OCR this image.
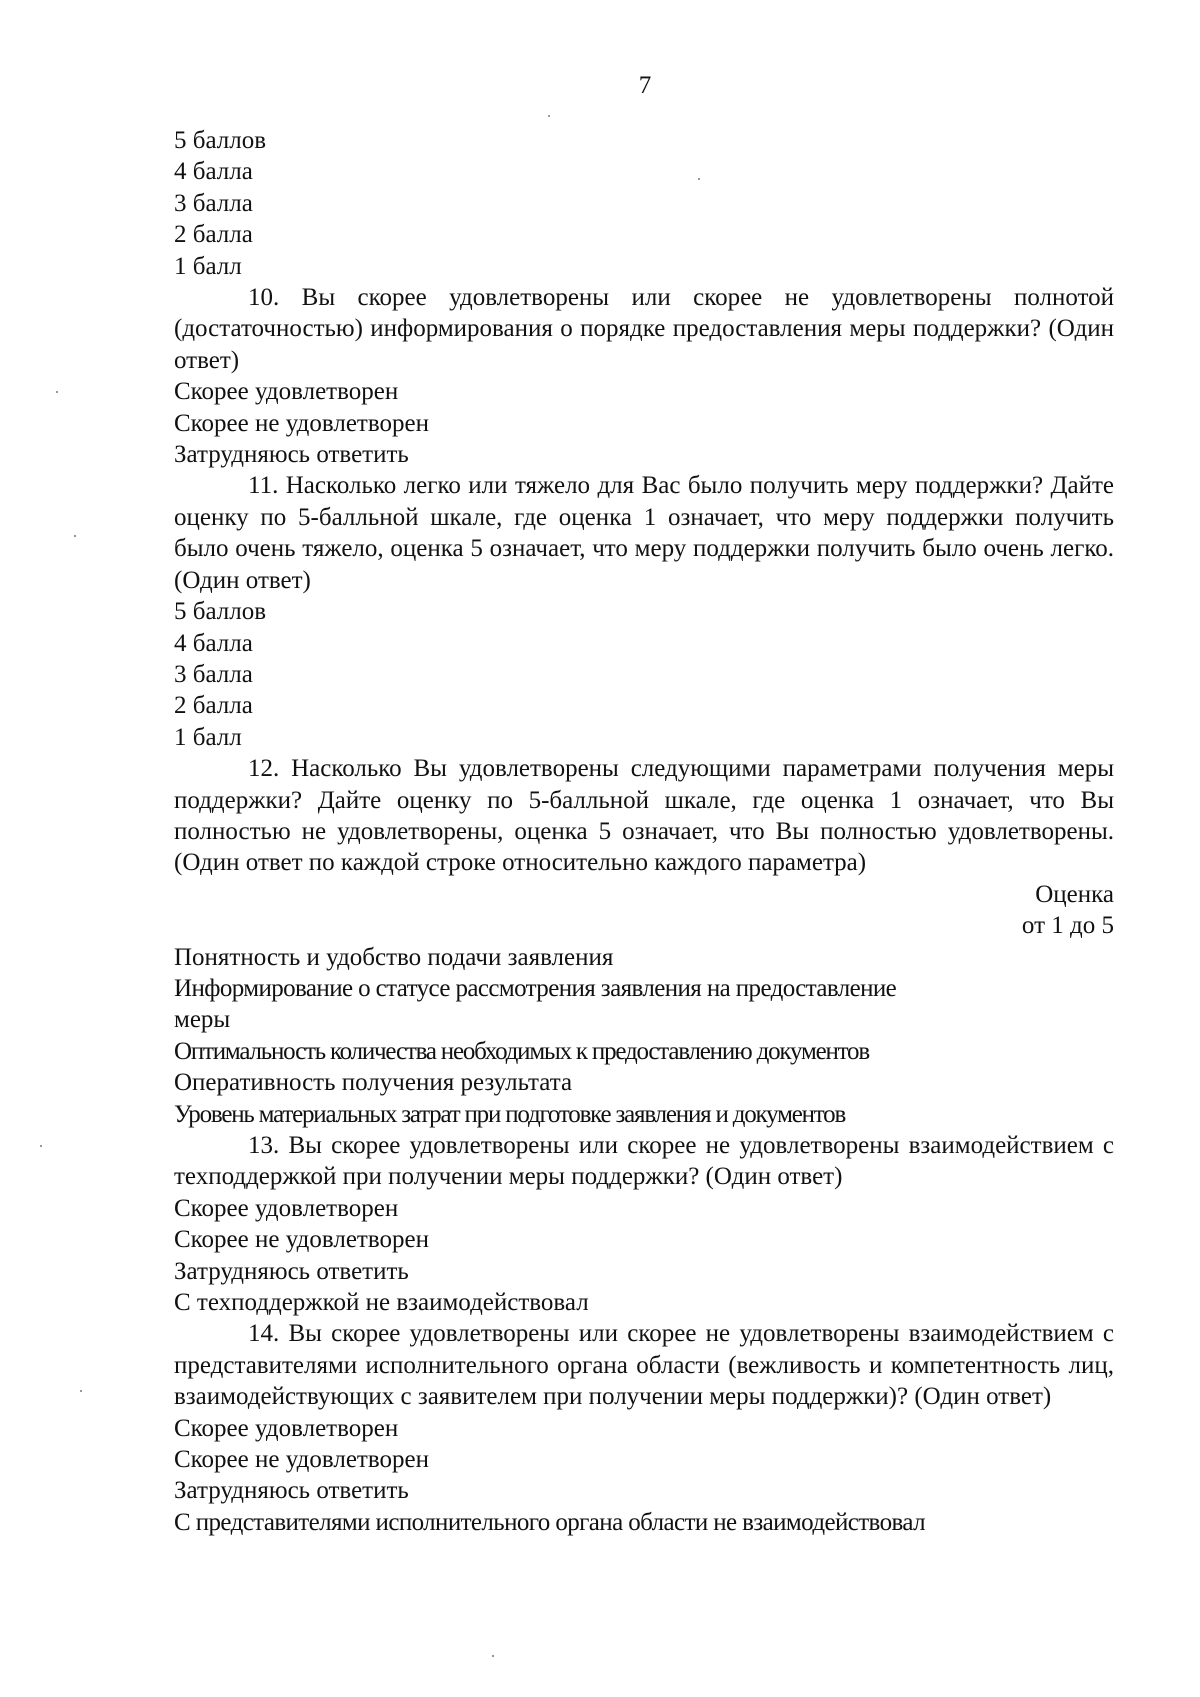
7

5 баллов

4 балла

3 балла

2 балла

1 балл

10. Вы скорее удовлетворены или скорее не удовлетворены полнотой (достаточностью) информирования о порядке предоставления меры поддержки? (Один ответ)

Скорее удовлетворен

Скорее не удовлетворен

Затрудняюсь ответить

11. Насколько легко или тяжело для Вас было получить меру поддержки? Дайте оценку по 5-балльной шкале, где оценка 1 означает, что меру поддержки получить было очень тяжело, оценка 5 означает, что меру поддержки получить было очень легко. (Один ответ)

5 баллов

4 балла

3 балла

2 балла

1 балл

12. Насколько Вы удовлетворены следующими параметрами получения меры поддержки? Дайте оценку по 5-балльной шкале, где оценка 1 означает, что Вы полностью не удовлетворены, оценка 5 означает, что Вы полностью удовлетворены. (Один ответ по каждой строке относительно каждого параметра)

Оценка

от 1 до 5

Понятность и удобство подачи заявления

Информирование о статусе рассмотрения заявления на предоставление

меры

Оптимальность количества необходимых к предоставлению документов

Оперативность получения результата

Уровень материальных затрат при подготовке заявления и документов

13. Вы скорее удовлетворены или скорее не удовлетворены взаимодействием с техподдержкой при получении меры поддержки? (Один ответ)

Скорее удовлетворен

Скорее не удовлетворен

Затрудняюсь ответить

С техподдержкой не взаимодействовал

14. Вы скорее удовлетворены или скорее не удовлетворены взаимодействием с представителями исполнительного органа области (вежливость и компетентность лиц, взаимодействующих с заявителем при получении меры поддержки)? (Один ответ)

Скорее удовлетворен

Скорее не удовлетворен

Затрудняюсь ответить

С представителями исполнительного органа области не взаимодействовал
